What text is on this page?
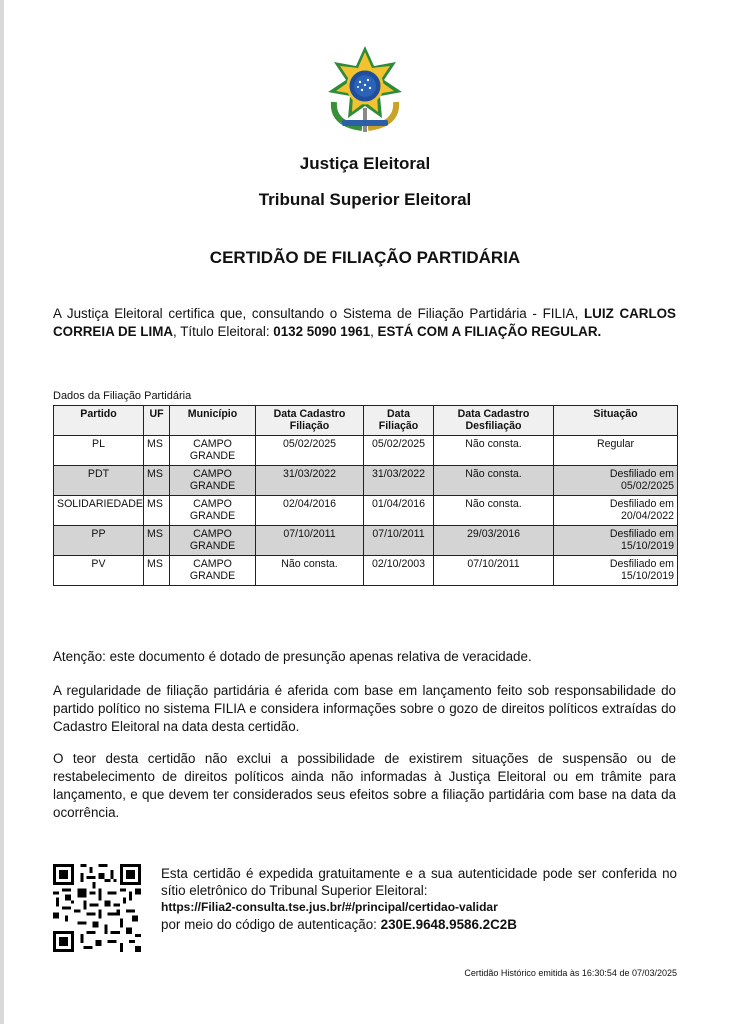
Justiça Eleitoral
Tribunal Superior Eleitoral
CERTIDÃO DE FILIAÇÃO PARTIDÁRIA
A Justiça Eleitoral certifica que, consultando o Sistema de Filiação Partidária - FILIA, LUIZ CARLOS CORREIA DE LIMA, Título Eleitoral: 0132 5090 1961, ESTÁ COM A FILIAÇÃO REGULAR.
Dados da Filiação Partidária
Partido	UF	Município	Data Cadastro Filiação	Data Filiação	Data Cadastro Desfiliação	Situação
PL	MS	CAMPO GRANDE	05/02/2025	05/02/2025	Não consta.	Regular
PDT	MS	CAMPO GRANDE	31/03/2022	31/03/2022	Não consta.	Desfiliado em 05/02/2025
SOLIDARIEDADE	MS	CAMPO GRANDE	02/04/2016	01/04/2016	Não consta.	Desfiliado em 20/04/2022
PP	MS	CAMPO GRANDE	07/10/2011	07/10/2011	29/03/2016	Desfiliado em 15/10/2019
PV	MS	CAMPO GRANDE	Não consta.	02/10/2003	07/10/2011	Desfiliado em 15/10/2019
Atenção: este documento é dotado de presunção apenas relativa de veracidade.
A regularidade de filiação partidária é aferida com base em lançamento feito sob responsabilidade do partido político no sistema FILIA e considera informações sobre o gozo de direitos políticos extraídas do Cadastro Eleitoral na data desta certidão.
O teor desta certidão não exclui a possibilidade de existirem situações de suspensão ou de restabelecimento de direitos políticos ainda não informadas à Justiça Eleitoral ou em trâmite para lançamento, e que devem ter considerados seus efeitos sobre a filiação partidária com base na data da ocorrência.
Esta certidão é expedida gratuitamente e a sua autenticidade pode ser conferida no sítio eletrônico do Tribunal Superior Eleitoral:
https://Filia2-consulta.tse.jus.br/#/principal/certidao-validar
por meio do código de autenticação: 230E.9648.9586.2C2B
Certidão Histórico emitida às 16:30:54 de 07/03/2025
